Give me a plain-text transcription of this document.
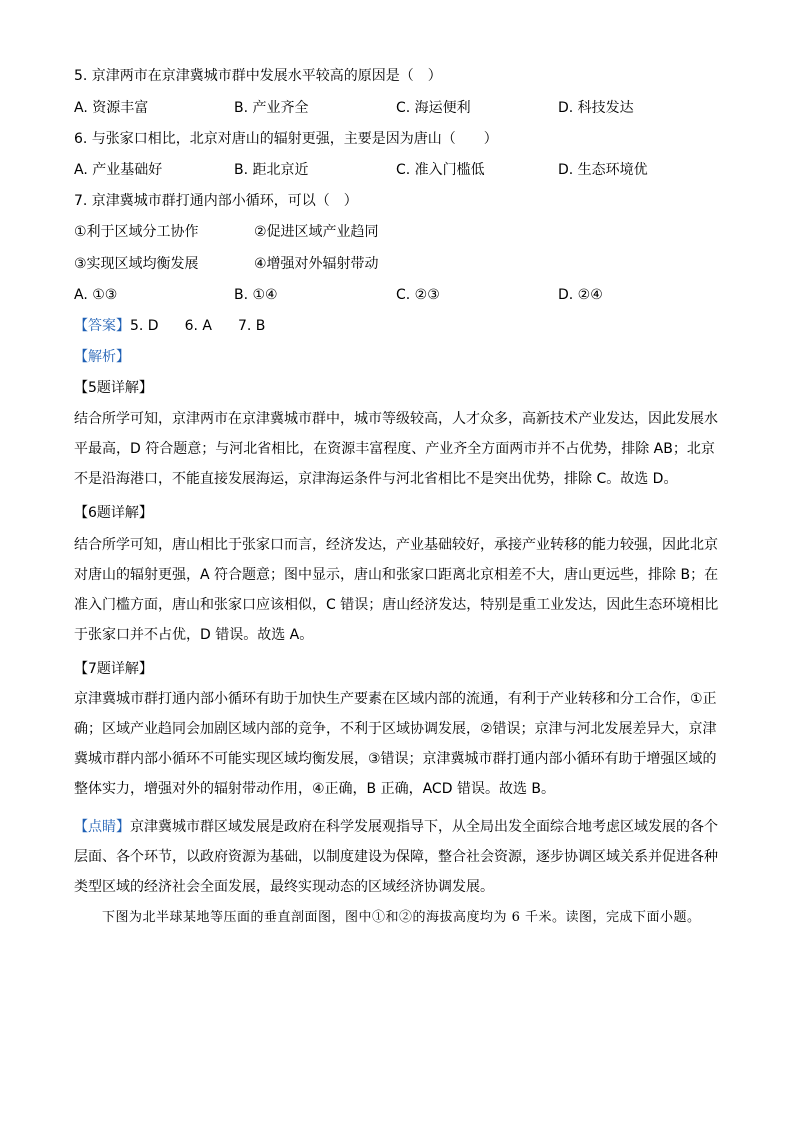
5. 京津两市在京津冀城市群中发展水平较高的原因是（　）
A. 资源丰富	B. 产业齐全	C. 海运便利	D. 科技发达
6. 与张家口相比，北京对唐山的辐射更强，主要是因为唐山（　　）
A. 产业基础好	B. 距北京近	C. 准入门槛低	D. 生态环境优
7. 京津冀城市群打通内部小循环，可以（　）
①利于区域分工协作	②促进区域产业趋同
③实现区域均衡发展	④增强对外辐射带动
A. ①③	B. ①④	C. ②③	D. ②④
【答案】5. D 6. A 7. B
【解析】
【5题详解】
结合所学可知，京津两市在京津冀城市群中，城市等级较高，人才众多，高新技术产业发达，因此发展水
平最高，D 符合题意；与河北省相比，在资源丰富程度、产业齐全方面两市并不占优势，排除 AB；北京
不是沿海港口，不能直接发展海运，京津海运条件与河北省相比不是突出优势，排除 C。故选 D。
【6题详解】
结合所学可知，唐山相比于张家口而言，经济发达，产业基础较好，承接产业转移的能力较强，因此北京
对唐山的辐射更强，A 符合题意；图中显示，唐山和张家口距离北京相差不大，唐山更远些，排除 B；在
准入门槛方面，唐山和张家口应该相似，C 错误；唐山经济发达，特别是重工业发达，因此生态环境相比
于张家口并不占优，D 错误。故选 A。
【7题详解】
京津冀城市群打通内部小循环有助于加快生产要素在区域内部的流通，有利于产业转移和分工合作，①正
确；区域产业趋同会加剧区域内部的竞争，不利于区域协调发展，②错误；京津与河北发展差异大，京津
冀城市群内部小循环不可能实现区域均衡发展，③错误；京津冀城市群打通内部小循环有助于增强区域的
整体实力，增强对外的辐射带动作用，④正确，B 正确，ACD 错误。故选 B。
【点睛】京津冀城市群区域发展是政府在科学发展观指导下，从全局出发全面综合地考虑区域发展的各个
层面、各个环节，以政府资源为基础，以制度建设为保障，整合社会资源，逐步协调区域关系并促进各种
类型区域的经济社会全面发展，最终实现动态的区域经济协调发展。
下图为北半球某地等压面的垂直剖面图，图中①和②的海拔高度均为 6 千米。读图，完成下面小题。
